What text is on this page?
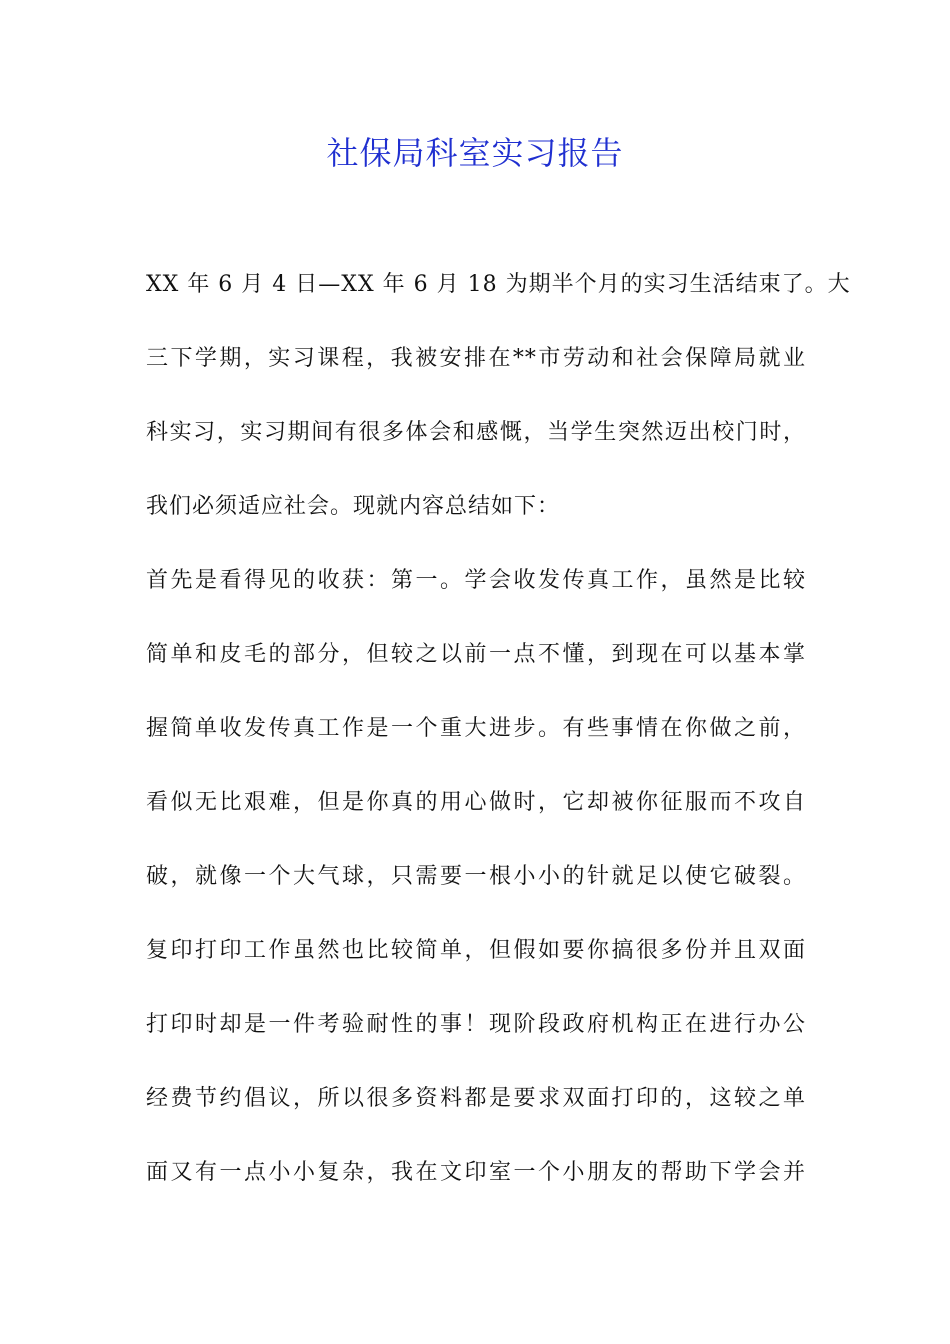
社保局科室实习报告
XX 年 6 月 4 日—XX 年 6 月 18 为期半个月的实习生活结束了。大
三下学期，实习课程，我被安排在**市劳动和社会保障局就业
科实习，实习期间有很多体会和感慨，当学生突然迈出校门时，
我们必须适应社会。现就内容总结如下：
首先是看得见的收获：第一。学会收发传真工作，虽然是比较
简单和皮毛的部分，但较之以前一点不懂，到现在可以基本掌
握简单收发传真工作是一个重大进步。有些事情在你做之前，
看似无比艰难，但是你真的用心做时，它却被你征服而不攻自
破，就像一个大气球，只需要一根小小的针就足以使它破裂。
复印打印工作虽然也比较简单，但假如要你搞很多份并且双面
打印时却是一件考验耐性的事！现阶段政府机构正在进行办公
经费节约倡议，所以很多资料都是要求双面打印的，这较之单
面又有一点小小复杂，我在文印室一个小朋友的帮助下学会并
